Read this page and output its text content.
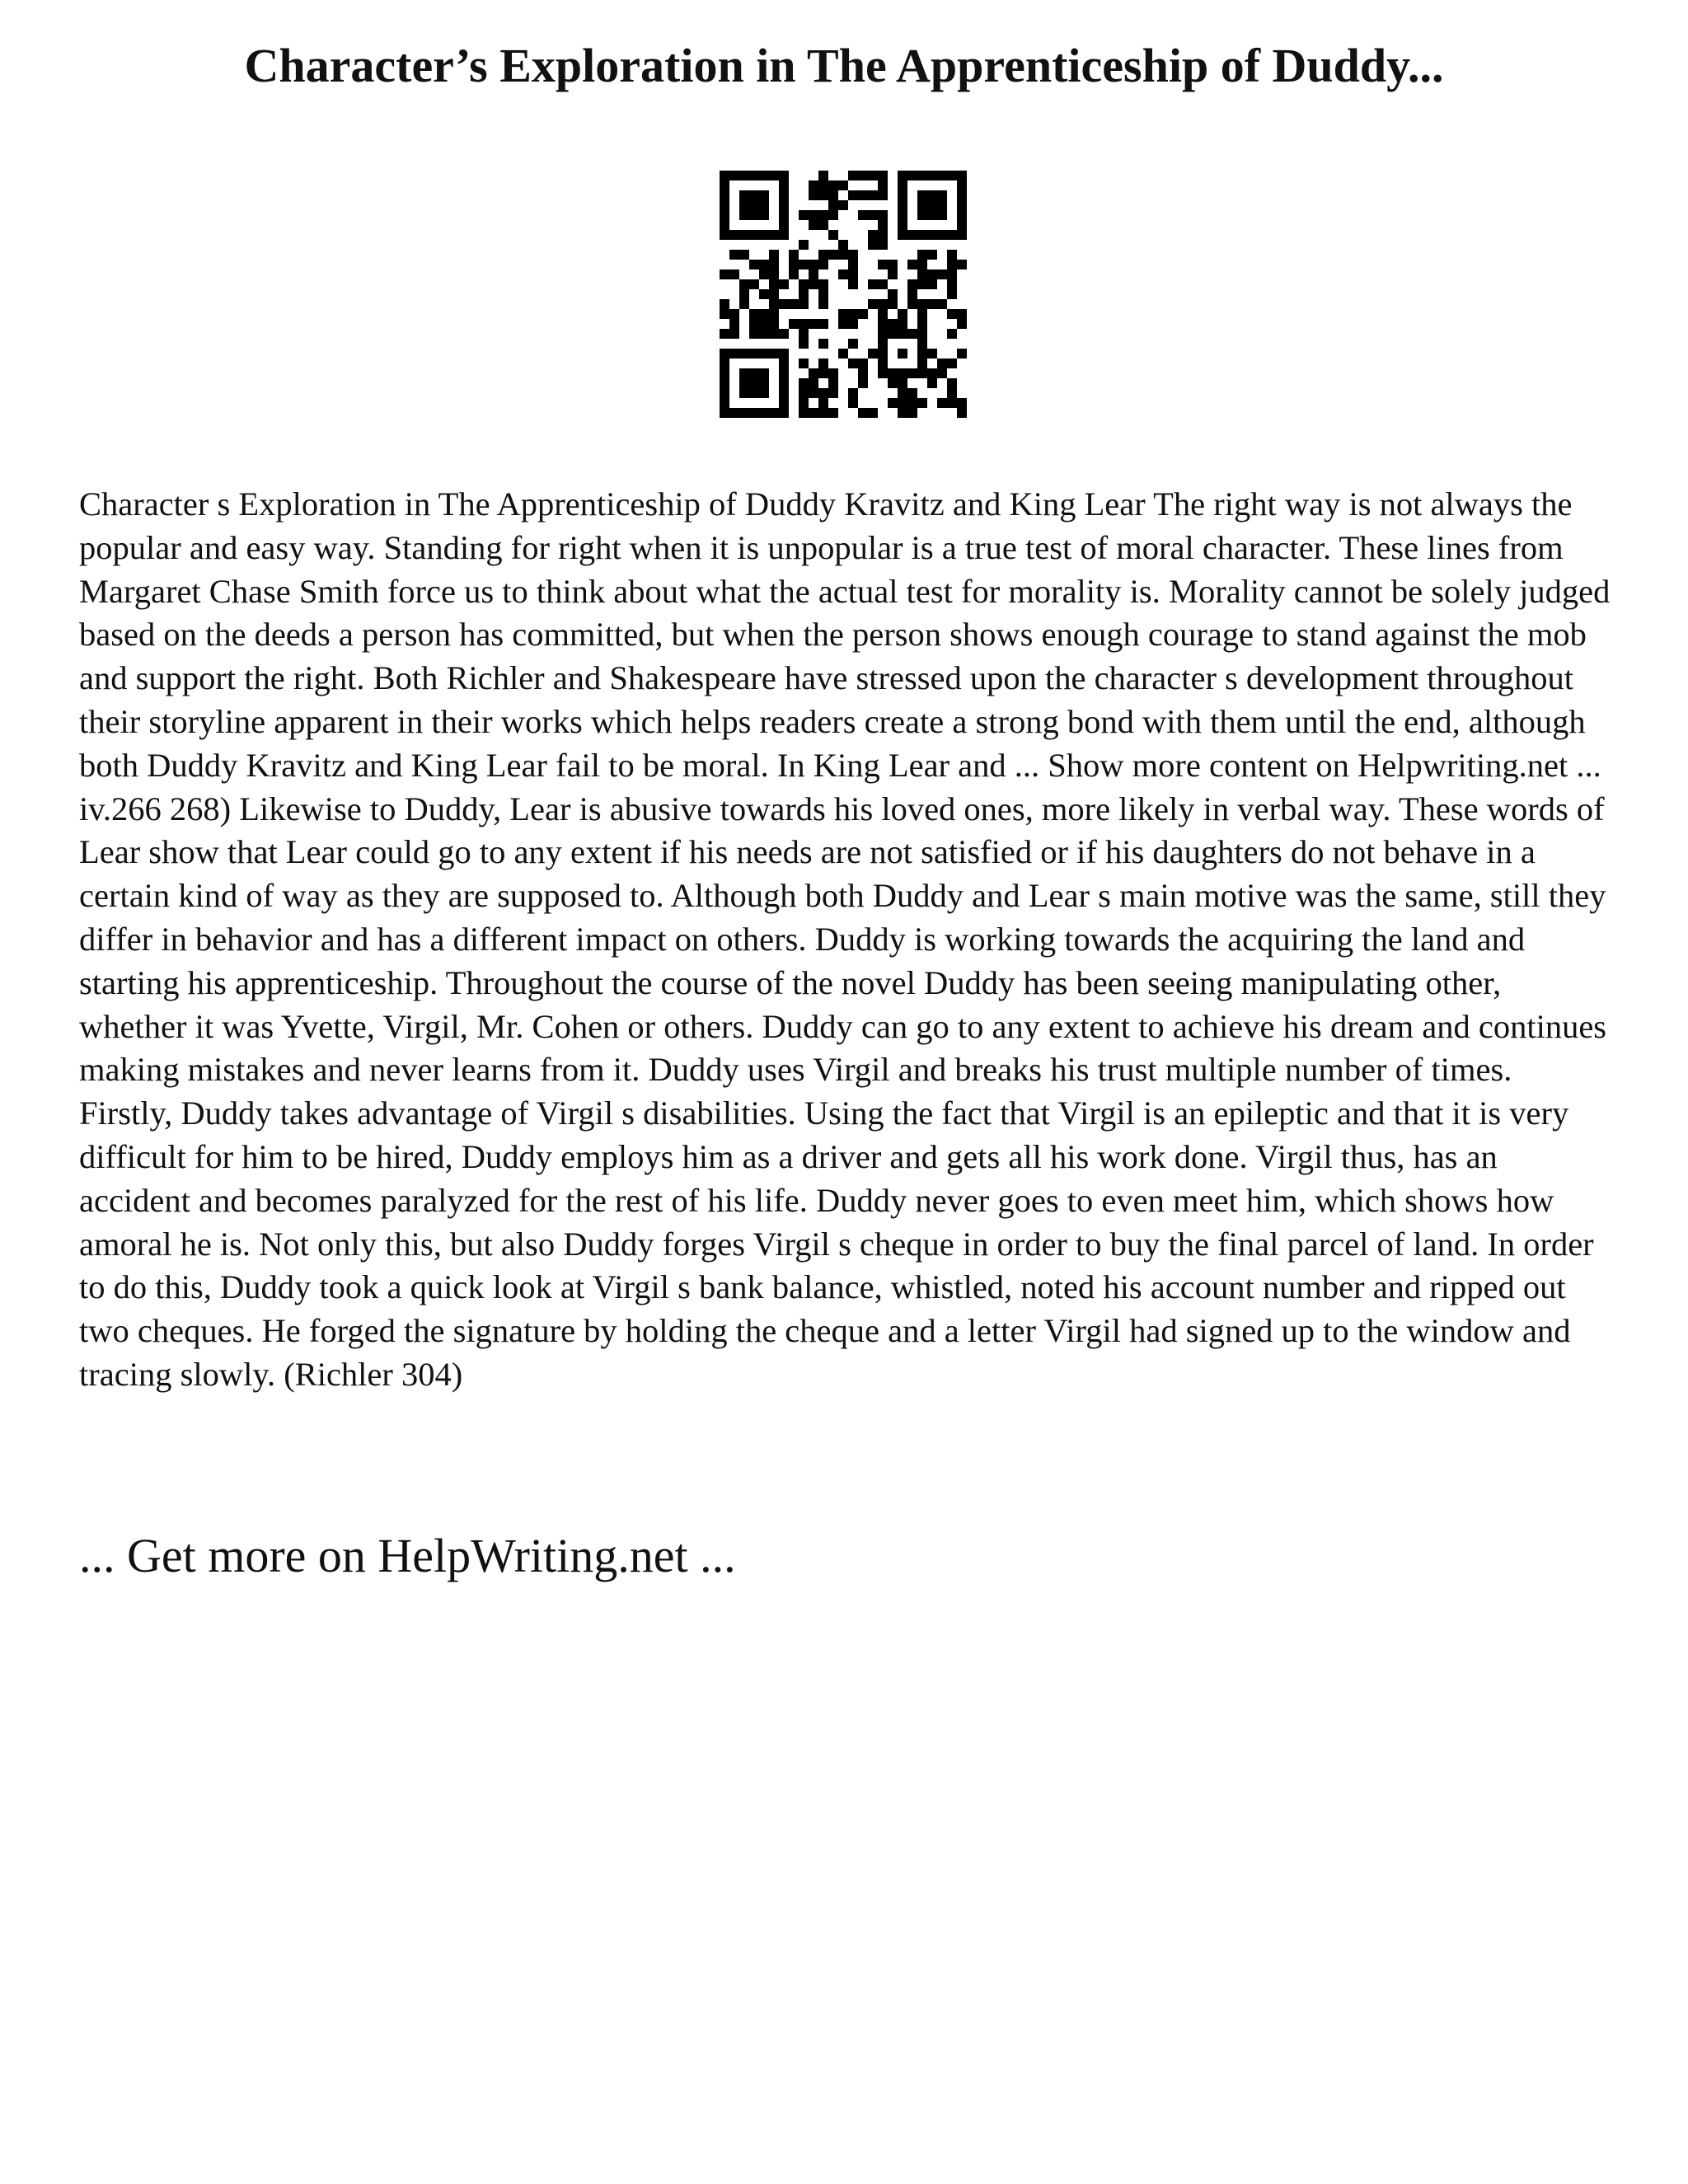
Character’s Exploration in The Apprenticeship of Duddy...

Character s Exploration in The Apprenticeship of Duddy Kravitz and King Lear The right way is not always the popular and easy way. Standing for right when it is unpopular is a true test of moral character. These lines from Margaret Chase Smith force us to think about what the actual test for morality is. Morality cannot be solely judged based on the deeds a person has committed, but when the person shows enough courage to stand against the mob and support the right. Both Richler and Shakespeare have stressed upon the character s development throughout their storyline apparent in their works which helps readers create a strong bond with them until the end, although both Duddy Kravitz and King Lear fail to be moral. In King Lear and ... Show more content on Helpwriting.net ... iv.266 268) Likewise to Duddy, Lear is abusive towards his loved ones, more likely in verbal way. These words of Lear show that Lear could go to any extent if his needs are not satisfied or if his daughters do not behave in a certain kind of way as they are supposed to. Although both Duddy and Lear s main motive was the same, still they differ in behavior and has a different impact on others. Duddy is working towards the acquiring the land and starting his apprenticeship. Throughout the course of the novel Duddy has been seeing manipulating other, whether it was Yvette, Virgil, Mr. Cohen or others. Duddy can go to any extent to achieve his dream and continues making mistakes and never learns from it. Duddy uses Virgil and breaks his trust multiple number of times. Firstly, Duddy takes advantage of Virgil s disabilities. Using the fact that Virgil is an epileptic and that it is very difficult for him to be hired, Duddy employs him as a driver and gets all his work done. Virgil thus, has an accident and becomes paralyzed for the rest of his life. Duddy never goes to even meet him, which shows how amoral he is. Not only this, but also Duddy forges Virgil s cheque in order to buy the final parcel of land. In order to do this, Duddy took a quick look at Virgil s bank balance, whistled, noted his account number and ripped out two cheques. He forged the signature by holding the cheque and a letter Virgil had signed up to the window and tracing slowly. (Richler 304)

... Get more on HelpWriting.net ...
